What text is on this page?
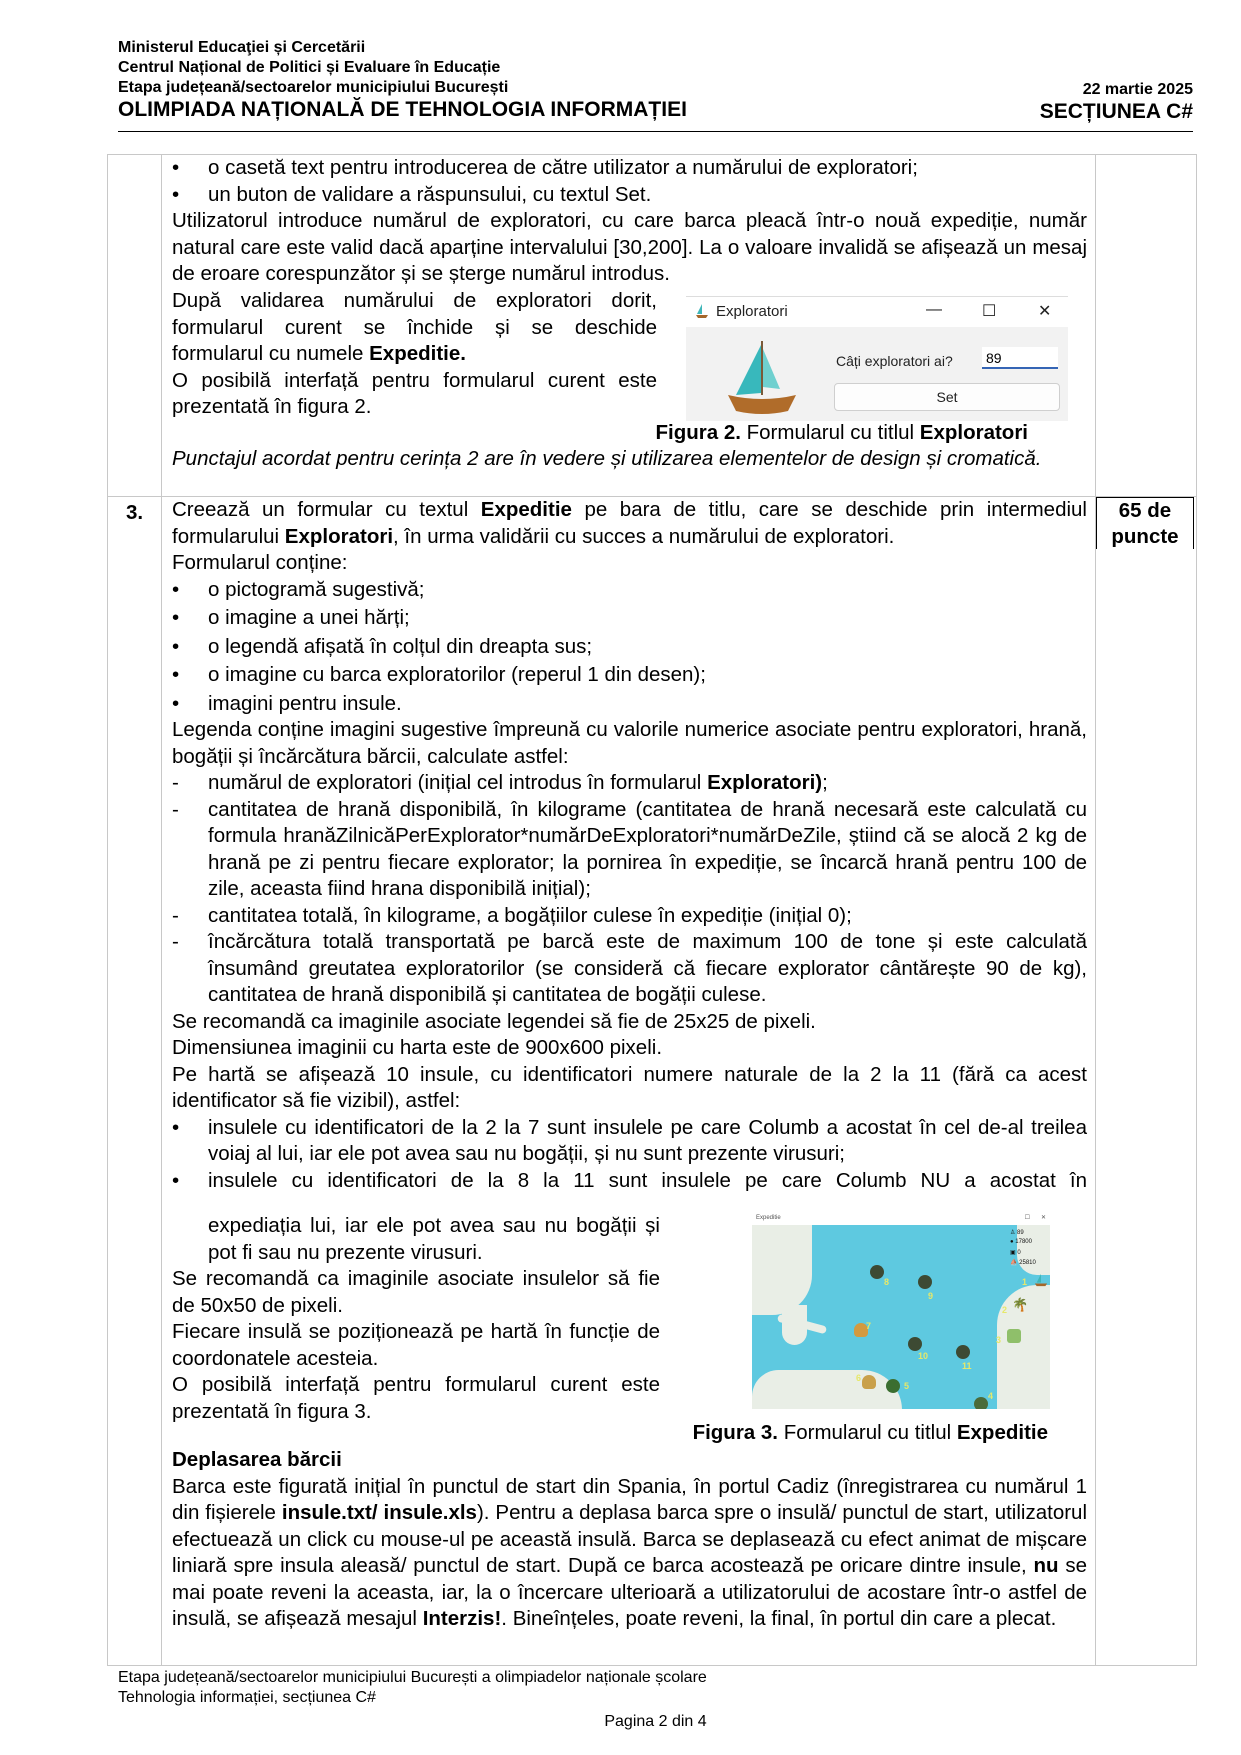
Ministerul Educaţiei și Cercetării
Centrul Național de Politici și Evaluare în Educație
Etapa județeană/sectoarelor municipiului București
OLIMPIADA NAȚIONALĂ DE TEHNOLOGIA INFORMAȚIEI
22 martie 2025
SECȚIUNEA C#
• o casetă text pentru introducerea de către utilizator a numărului de exploratori;
• un buton de validare a răspunsului, cu textul Set.
Utilizatorul introduce numărul de exploratori, cu care barca pleacă într-o nouă expediție, număr natural care este valid dacă aparține intervalului [30,200]. La o valoare invalidă se afișează un mesaj de eroare corespunzător și se șterge numărul introdus.
După validarea numărului de exploratori dorit, formularul curent se închide și se deschide formularul cu numele Expeditie.
O posibilă interfață pentru formularul curent este prezentată în figura 2.
Figura 2. Formularul cu titlul Exploratori
Punctajul acordat pentru cerința 2 are în vedere și utilizarea elementelor de design și cromatică.
3.	65 de
puncte
Creează un formular cu textul Expeditie pe bara de titlu, care se deschide prin intermediul formularului Exploratori, în urma validării cu succes a numărului de exploratori.
Formularul conține:
• o pictogramă sugestivă;
• o imagine a unei hărți;
• o legendă afișată în colțul din dreapta sus;
• o imagine cu barca exploratorilor (reperul 1 din desen);
• imagini pentru insule.
Legenda conține imagini sugestive împreună cu valorile numerice asociate pentru exploratori, hrană, bogății și încărcătura bărcii, calculate astfel:
- numărul de exploratori (inițial cel introdus în formularul Exploratori);
- cantitatea de hrană disponibilă, în kilograme (cantitatea de hrană necesară este calculată cu formula hranăZilnicăPerExplorator*numărDeExploratori*numărDeZile, știind că se alocă 2 kg de hrană pe zi pentru fiecare explorator; la pornirea în expediție, se încarcă hrană pentru 100 de zile, aceasta fiind hrana disponibilă inițial);
- cantitatea totală, în kilograme, a bogățiilor culese în expediție (inițial 0);
- încărcătura totală transportată pe barcă este de maximum 100 de tone și este calculată însumând greutatea exploratorilor (se consideră că fiecare explorator cântărește 90 de kg), cantitatea de hrană disponibilă și cantitatea de bogății culese.
Se recomandă ca imaginile asociate legendei să fie de 25x25 de pixeli.
Dimensiunea imaginii cu harta este de 900x600 pixeli.
Pe hartă se afișează 10 insule, cu identificatori numere naturale de la 2 la 11 (fără ca acest identificator să fie vizibil), astfel:
• insulele cu identificatori de la 2 la 7 sunt insulele pe care Columb a acostat în cel de-al treilea voiaj al lui, iar ele pot avea sau nu bogății, și nu sunt prezente virusuri;
• insulele cu identificatori de la 8 la 11 sunt insulele pe care Columb NU a acostat în
expediația lui, iar ele pot avea sau nu bogății și pot fi sau nu prezente virusuri.
Se recomandă ca imaginile asociate insulelor să fie de 50x50 de pixeli.
Fiecare insulă se poziționează pe hartă în funcție de coordonatele acesteia.
O posibilă interfață pentru formularul curent este prezentată în figura 3.
Figura 3. Formularul cu titlul Expeditie
Deplasarea bărcii
Barca este figurată inițial în punctul de start din Spania, în portul Cadiz (înregistrarea cu numărul 1 din fișierele insule.txt/ insule.xls). Pentru a deplasa barca spre o insulă/ punctul de start, utilizatorul efectuează un click cu mouse-ul pe această insulă. Barca se deplasează cu efect animat de mișcare liniară spre insula aleasă/ punctul de start. După ce barca acostează pe oricare dintre insule, nu se mai poate reveni la aceasta, iar, la o încercare ulterioară a utilizatorului de acostare într-o astfel de insulă, se afișează mesajul Interzis!. Bineînțeles, poate reveni, la final, în portul din care a plecat.
Exploratori	—	☐	✕
Câți exploratori ai? 89
Set
Expeditie	☐ ✕
♙ 89
● 17800
▣ 0
⛵ 25810
1
🌴
2
3
4
5
6
7
8
9
10
11
Etapa județeană/sectoarelor municipiului București a olimpiadelor naționale școlare
Tehnologia informației, secțiunea C#
Pagina 2 din 4
